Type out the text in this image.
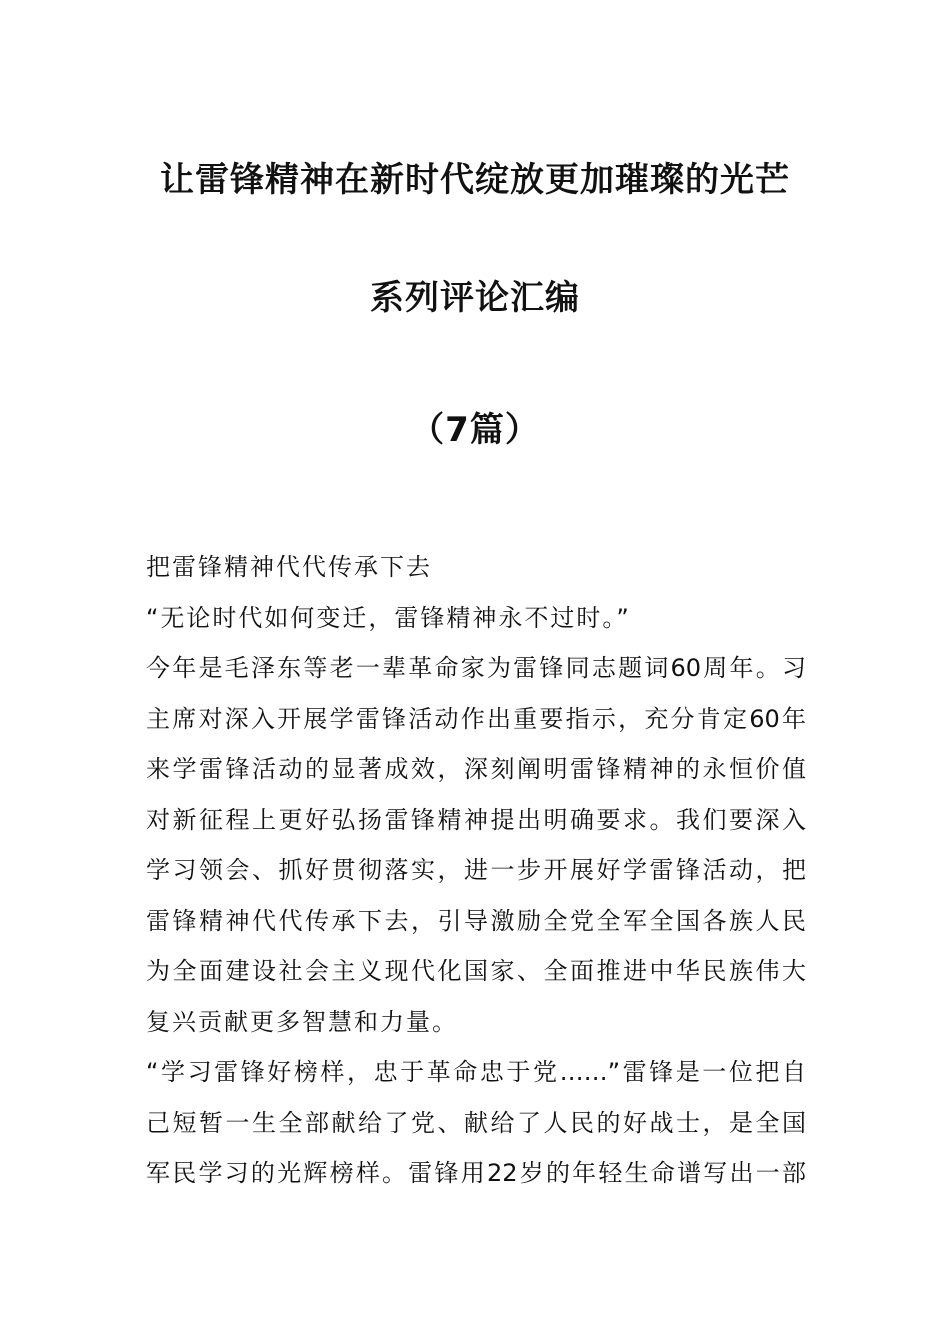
让雷锋精神在新时代绽放更加璀璨的光芒
系列评论汇编
（7篇）
把雷锋精神代代传承下去
“无论时代如何变迁，雷锋精神永不过时。”
今年是毛泽东等老一辈革命家为雷锋同志题词60周年。习
主席对深入开展学雷锋活动作出重要指示，充分肯定60年
来学雷锋活动的显著成效，深刻阐明雷锋精神的永恒价值
对新征程上更好弘扬雷锋精神提出明确要求。我们要深入
学习领会、抓好贯彻落实，进一步开展好学雷锋活动，把
雷锋精神代代传承下去，引导激励全党全军全国各族人民
为全面建设社会主义现代化国家、全面推进中华民族伟大
复兴贡献更多智慧和力量。
“学习雷锋好榜样，忠于革命忠于党……”雷锋是一位把自
己短暂一生全部献给了党、献给了人民的好战士，是全国
军民学习的光辉榜样。雷锋用22岁的年轻生命谱写出一部
